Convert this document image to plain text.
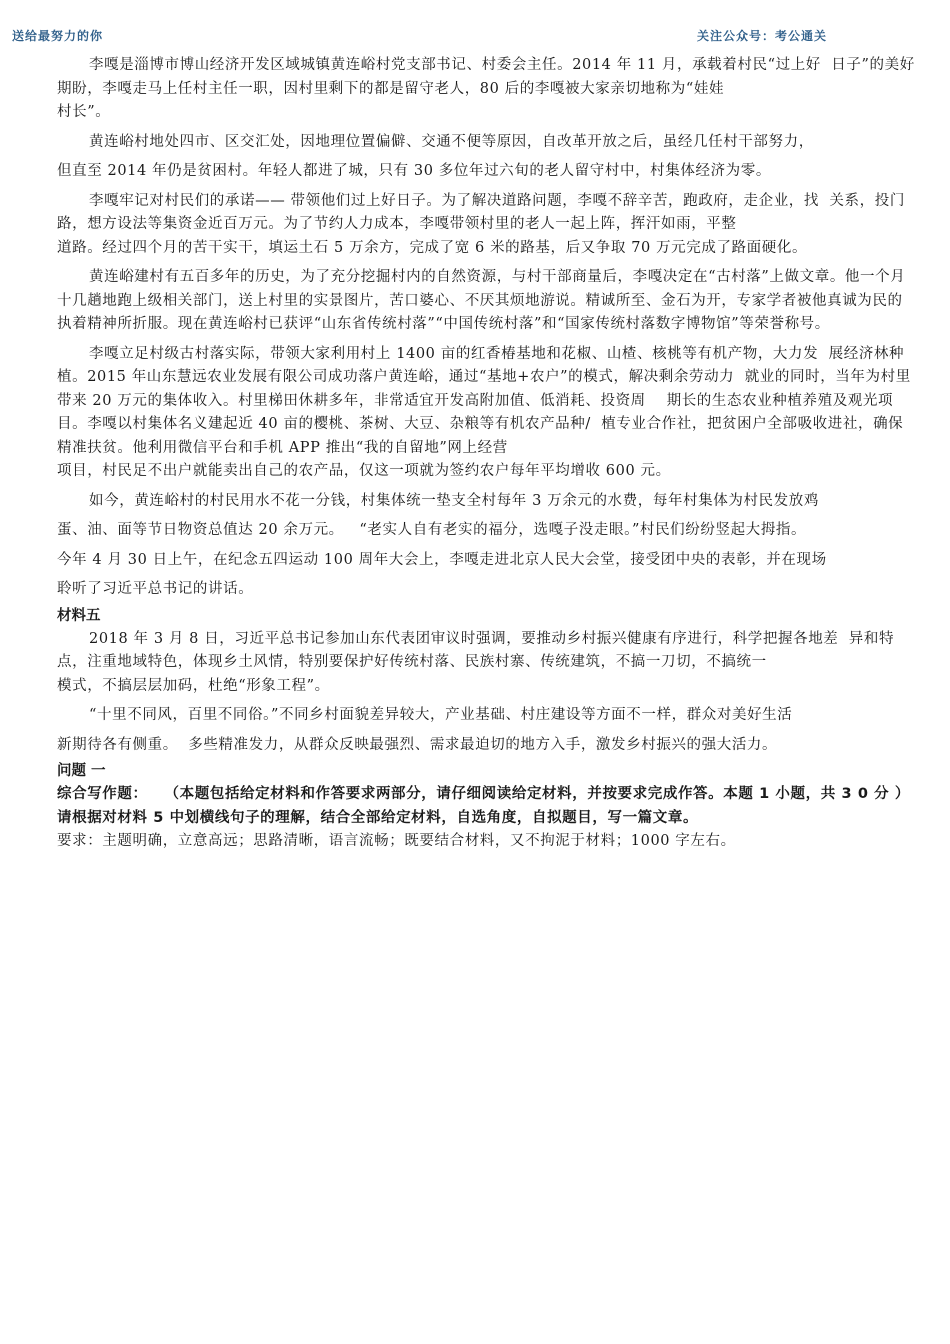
送给最努力的你	关注公众号：考公通关

李嘎是淄博市博山经济开发区域城镇黄连峪村党支部书记、村委会主任。2014 年 11 月，承载着村民“过上好  日子”的美好期盼，李嘎走马上任村主任一职，因村里剩下的都是留守老人，80 后的李嘎被大家亲切地称为“娃娃

村长”。

黄连峪村地处四市、区交汇处，因地理位置偏僻、交通不便等原因，自改革开放之后，虽经几任村干部努力，

但直至 2014 年仍是贫困村。年轻人都进了城，只有 30 多位年过六旬的老人留守村中，村集体经济为零。

李嘎牢记对村民们的承诺—— 带领他们过上好日子。为了解决道路问题，李嘎不辞辛苦，跑政府，走企业，找  关系，投门路，想方设法等集资金近百万元。为了节约人力成本，李嘎带领村里的老人一起上阵，挥汗如雨，平整

道路。经过四个月的苦干实干，填运土石 5 万余方，完成了宽 6 米的路基，后又争取 70 万元完成了路面硬化。

黄连峪建村有五百多年的历史，为了充分挖掘村内的自然资源，与村干部商量后，李嘎决定在“古村落”上做文章。他一个月十几趟地跑上级相关部门，送上村里的实景图片，苦口婆心、不厌其烦地游说。精诚所至、金石为开，专家学者被他真诚为民的执着精神所折服。现在黄连峪村已获评“山东省传统村落”“中国传统村落”和“国家传统村落数字博物馆”等荣誉称号。

李嘎立足村级古村落实际，带领大家利用村上 1400 亩的红香椿基地和花椒、山楂、核桃等有机产物，大力发  展经济林种植。2015 年山东慧远农业发展有限公司成功落户黄连峪，通过“基地+农户”的模式，解决剩余劳动力  就业的同时，当年为村里带来 20 万元的集体收入。村里梯田休耕多年，非常适宜开发高附加值、低消耗、投资周    期长的生态农业种植养殖及观光项目。李嘎以村集体名义建起近 40 亩的樱桃、茶树、大豆、杂粮等有机农产品种/  植专业合作社，把贫困户全部吸收进社，确保精准扶贫。他利用微信平台和手机 APP 推出“我的自留地”网上经营

项目，村民足不出户就能卖出自己的农产品，仅这一项就为签约农户每年平均增收 600 元。

如今，黄连峪村的村民用水不花一分钱，村集体统一垫支全村每年 3 万余元的水费，每年村集体为村民发放鸡

蛋、油、面等节日物资总值达 20 余万元。   “老实人自有老实的福分，选嘎子没走眼。”村民们纷纷竖起大拇指。

今年 4 月 30 日上午，在纪念五四运动 100 周年大会上，李嘎走进北京人民大会堂，接受团中央的表彰，并在现场

聆听了习近平总书记的讲话。

材料五

2018 年 3 月 8 日，习近平总书记参加山东代表团审议时强调，要推动乡村振兴健康有序进行，科学把握各地差  异和特点，注重地域特色，体现乡土风情，特别要保护好传统村落、民族村寨、传统建筑，不搞一刀切，不搞统一

模式，不搞层层加码，杜绝“形象工程”。

“十里不同风，百里不同俗。”不同乡村面貌差异较大，产业基础、村庄建设等方面不一样，群众对美好生活

新期待各有侧重。  多些精准发力，从群众反映最强烈、需求最迫切的地方入手，激发乡村振兴的强大活力。

问题 一

综合写作题：   （本题包括给定材料和作答要求两部分，请仔细阅读给定材料，并按要求完成作答。本题 1 小题，共 3 0 分 ）

请根据对材料 5 中划横线句子的理解，结合全部给定材料，自选角度，自拟题目，写一篇文章。

要求：主题明确，立意高远；思路清晰，语言流畅；既要结合材料，又不拘泥于材料；1000 字左右。
